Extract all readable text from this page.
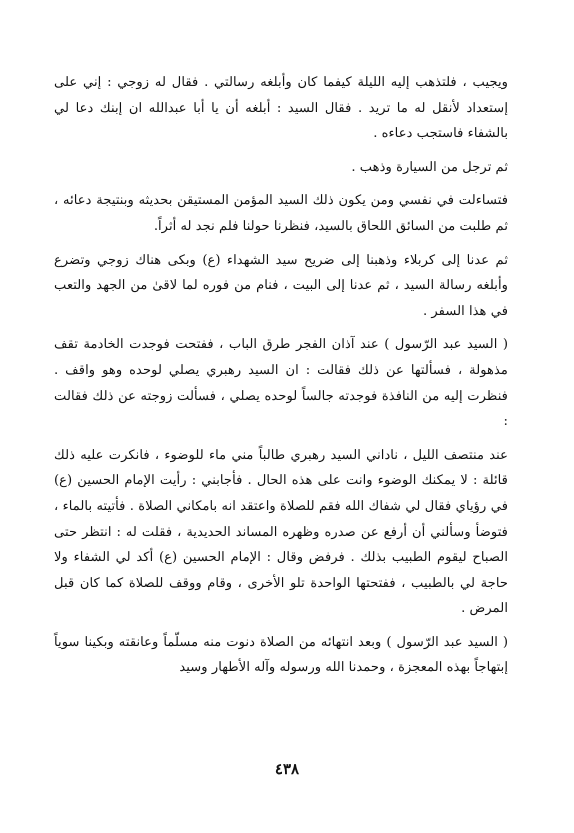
ويجيب ، فلتذهب إليه الليلة كيفما كان وأبلغه رسالتي . فقال له زوجي : إني على إستعداد لأنقل له ما تريد . فقال السيد : أبلغه أن يا أبا عبدالله ان إبنك دعا لي بالشفاء فاستجب دعاءه .

ثم ترجل من السيارة وذهب .

فتساءلت في نفسي ومن يكون ذلك السيد المؤمن المستيقن بحديثه وبنتيجة دعائه ، ثم طلبت من السائق اللحاق بالسيد، فنظرنا حولنا فلم نجد له أثراً.

ثم عدنا إلى كربلاء وذهبنا إلى ضريح سيد الشهداء (ع) وبكى هناك زوجي وتضرع وأبلغه رسالة السيد ، ثم عدنا إلى البيت ، فنام من فوره لما لاقىٰ من الجهد والتعب في هذا السفر .

( السيد عبد الرّسول ) عند آذان الفجر طرق الباب ، ففتحت فوجدت الخادمة تقف مذهولة ، فسألتها عن ذلك فقالت : ان السيد رهبري يصلي لوحده وهو واقف . فنظرت إليه من النافذة فوجدته جالساً لوحده يصلي ، فسألت زوجته عن ذلك فقالت :

عند منتصف الليل ، ناداني السيد رهبري طالباً مني ماء للوضوء ، فانكرت عليه ذلك قائلة : لا يمكنك الوضوء وانت على هذه الحال . فأجابني : رأيت الإمام الحسين (ع) في رؤياي فقال لي شفاك الله فقم للصلاة واعتقد انه بامكاني الصلاة . فأتيته بالماء ، فتوضأ وسألني أن أرفع عن صدره وظهره المساند الحديدية ، فقلت له : انتظر حتى الصباح ليقوم الطبيب بذلك . فرفض وقال : الإمام الحسين (ع) أكد لي الشفاء ولا حاجة لي بالطبيب ، ففتحتها الواحدة تلو الأخرى ، وقام ووقف للصلاة كما كان قبل المرض .

( السيد عبد الرّسول ) وبعد انتهائه من الصلاة دنوت منه مسلّماً وعانقته وبكينا سوياً إبتهاجاً بهذه المعجزة ، وحمدنا الله ورسوله وآله الأطهار وسيد

٤٣٨
